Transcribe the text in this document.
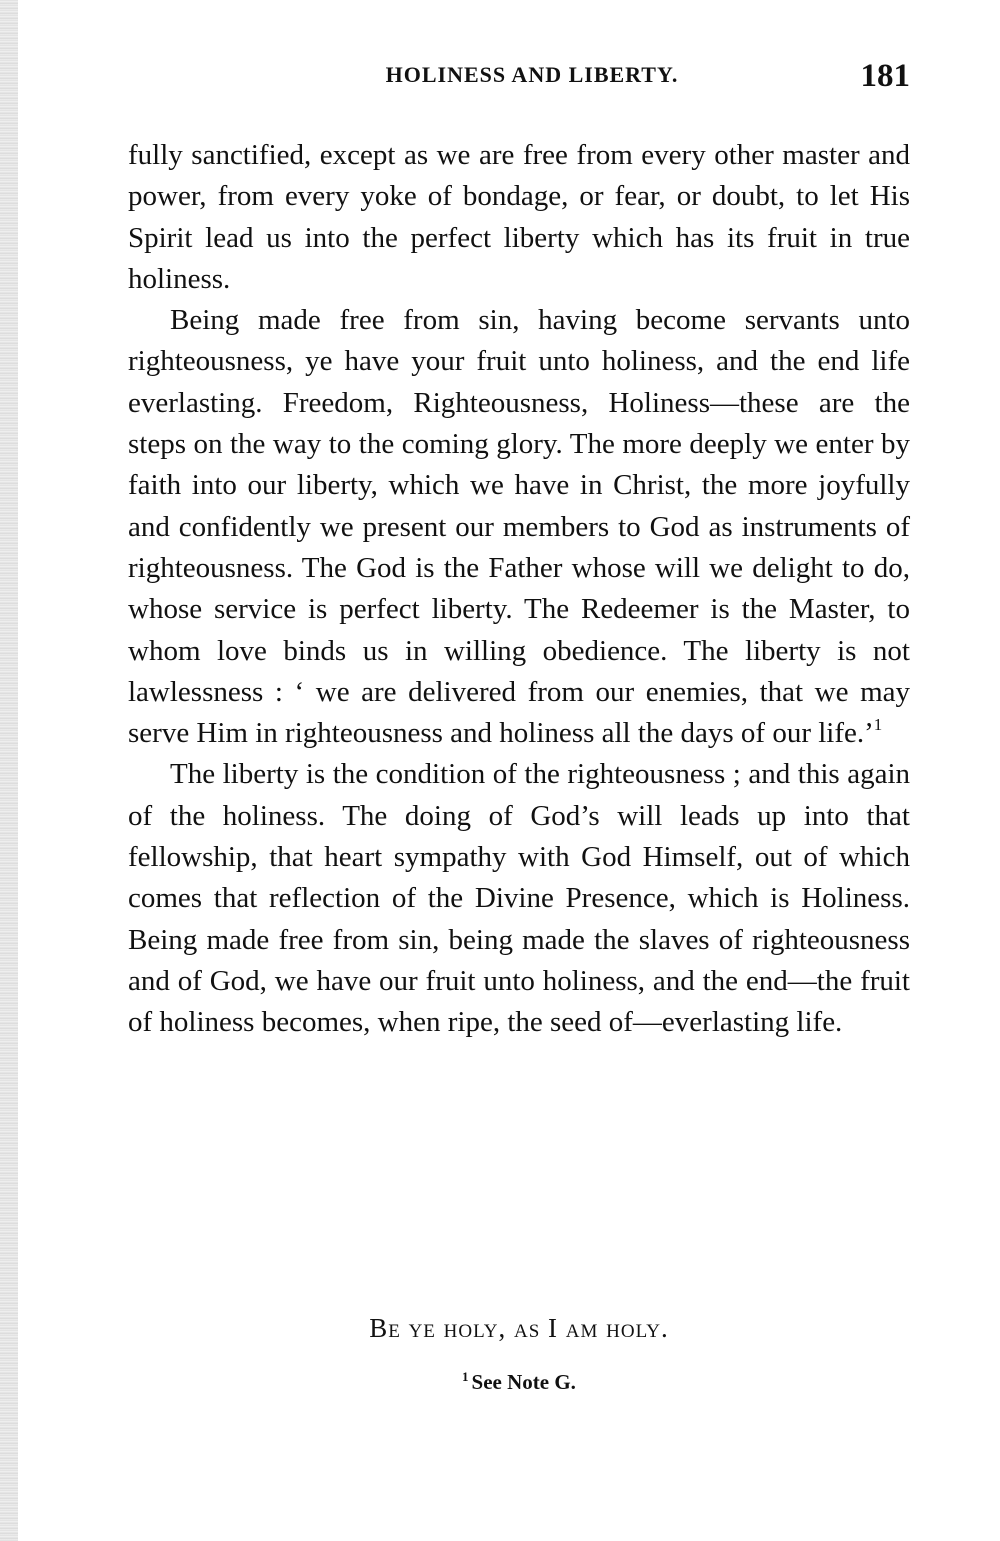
HOLINESS AND LIBERTY.	181

fully sanctified, except as we are free from every other master and power, from every yoke of bondage, or fear, or doubt, to let His Spirit lead us into the perfect liberty which has its fruit in true holiness.

Being made free from sin, having become servants unto righteousness, ye have your fruit unto holiness, and the end life everlasting. Freedom, Righteousness, Holiness—these are the steps on the way to the coming glory. The more deeply we enter by faith into our liberty, which we have in Christ, the more joyfully and confidently we present our members to God as instruments of righteousness. The God is the Father whose will we delight to do, whose service is perfect liberty. The Redeemer is the Master, to whom love binds us in willing obedience. The liberty is not lawlessness : ‘ we are delivered from our enemies, that we may serve Him in righteousness and holiness all the days of our life.’$^1$

The liberty is the condition of the righteousness ; and this again of the holiness. The doing of God’s will leads up into that fellowship, that heart sympathy with God Himself, out of which comes that reflection of the Divine Presence, which is Holiness. Being made free from sin, being made the slaves of righteousness and of God, we have our fruit unto holiness, and the end—the fruit of holiness becomes, when ripe, the seed of—everlasting life.

Be ye holy, as I am holy.
$^1$ See Note G.
